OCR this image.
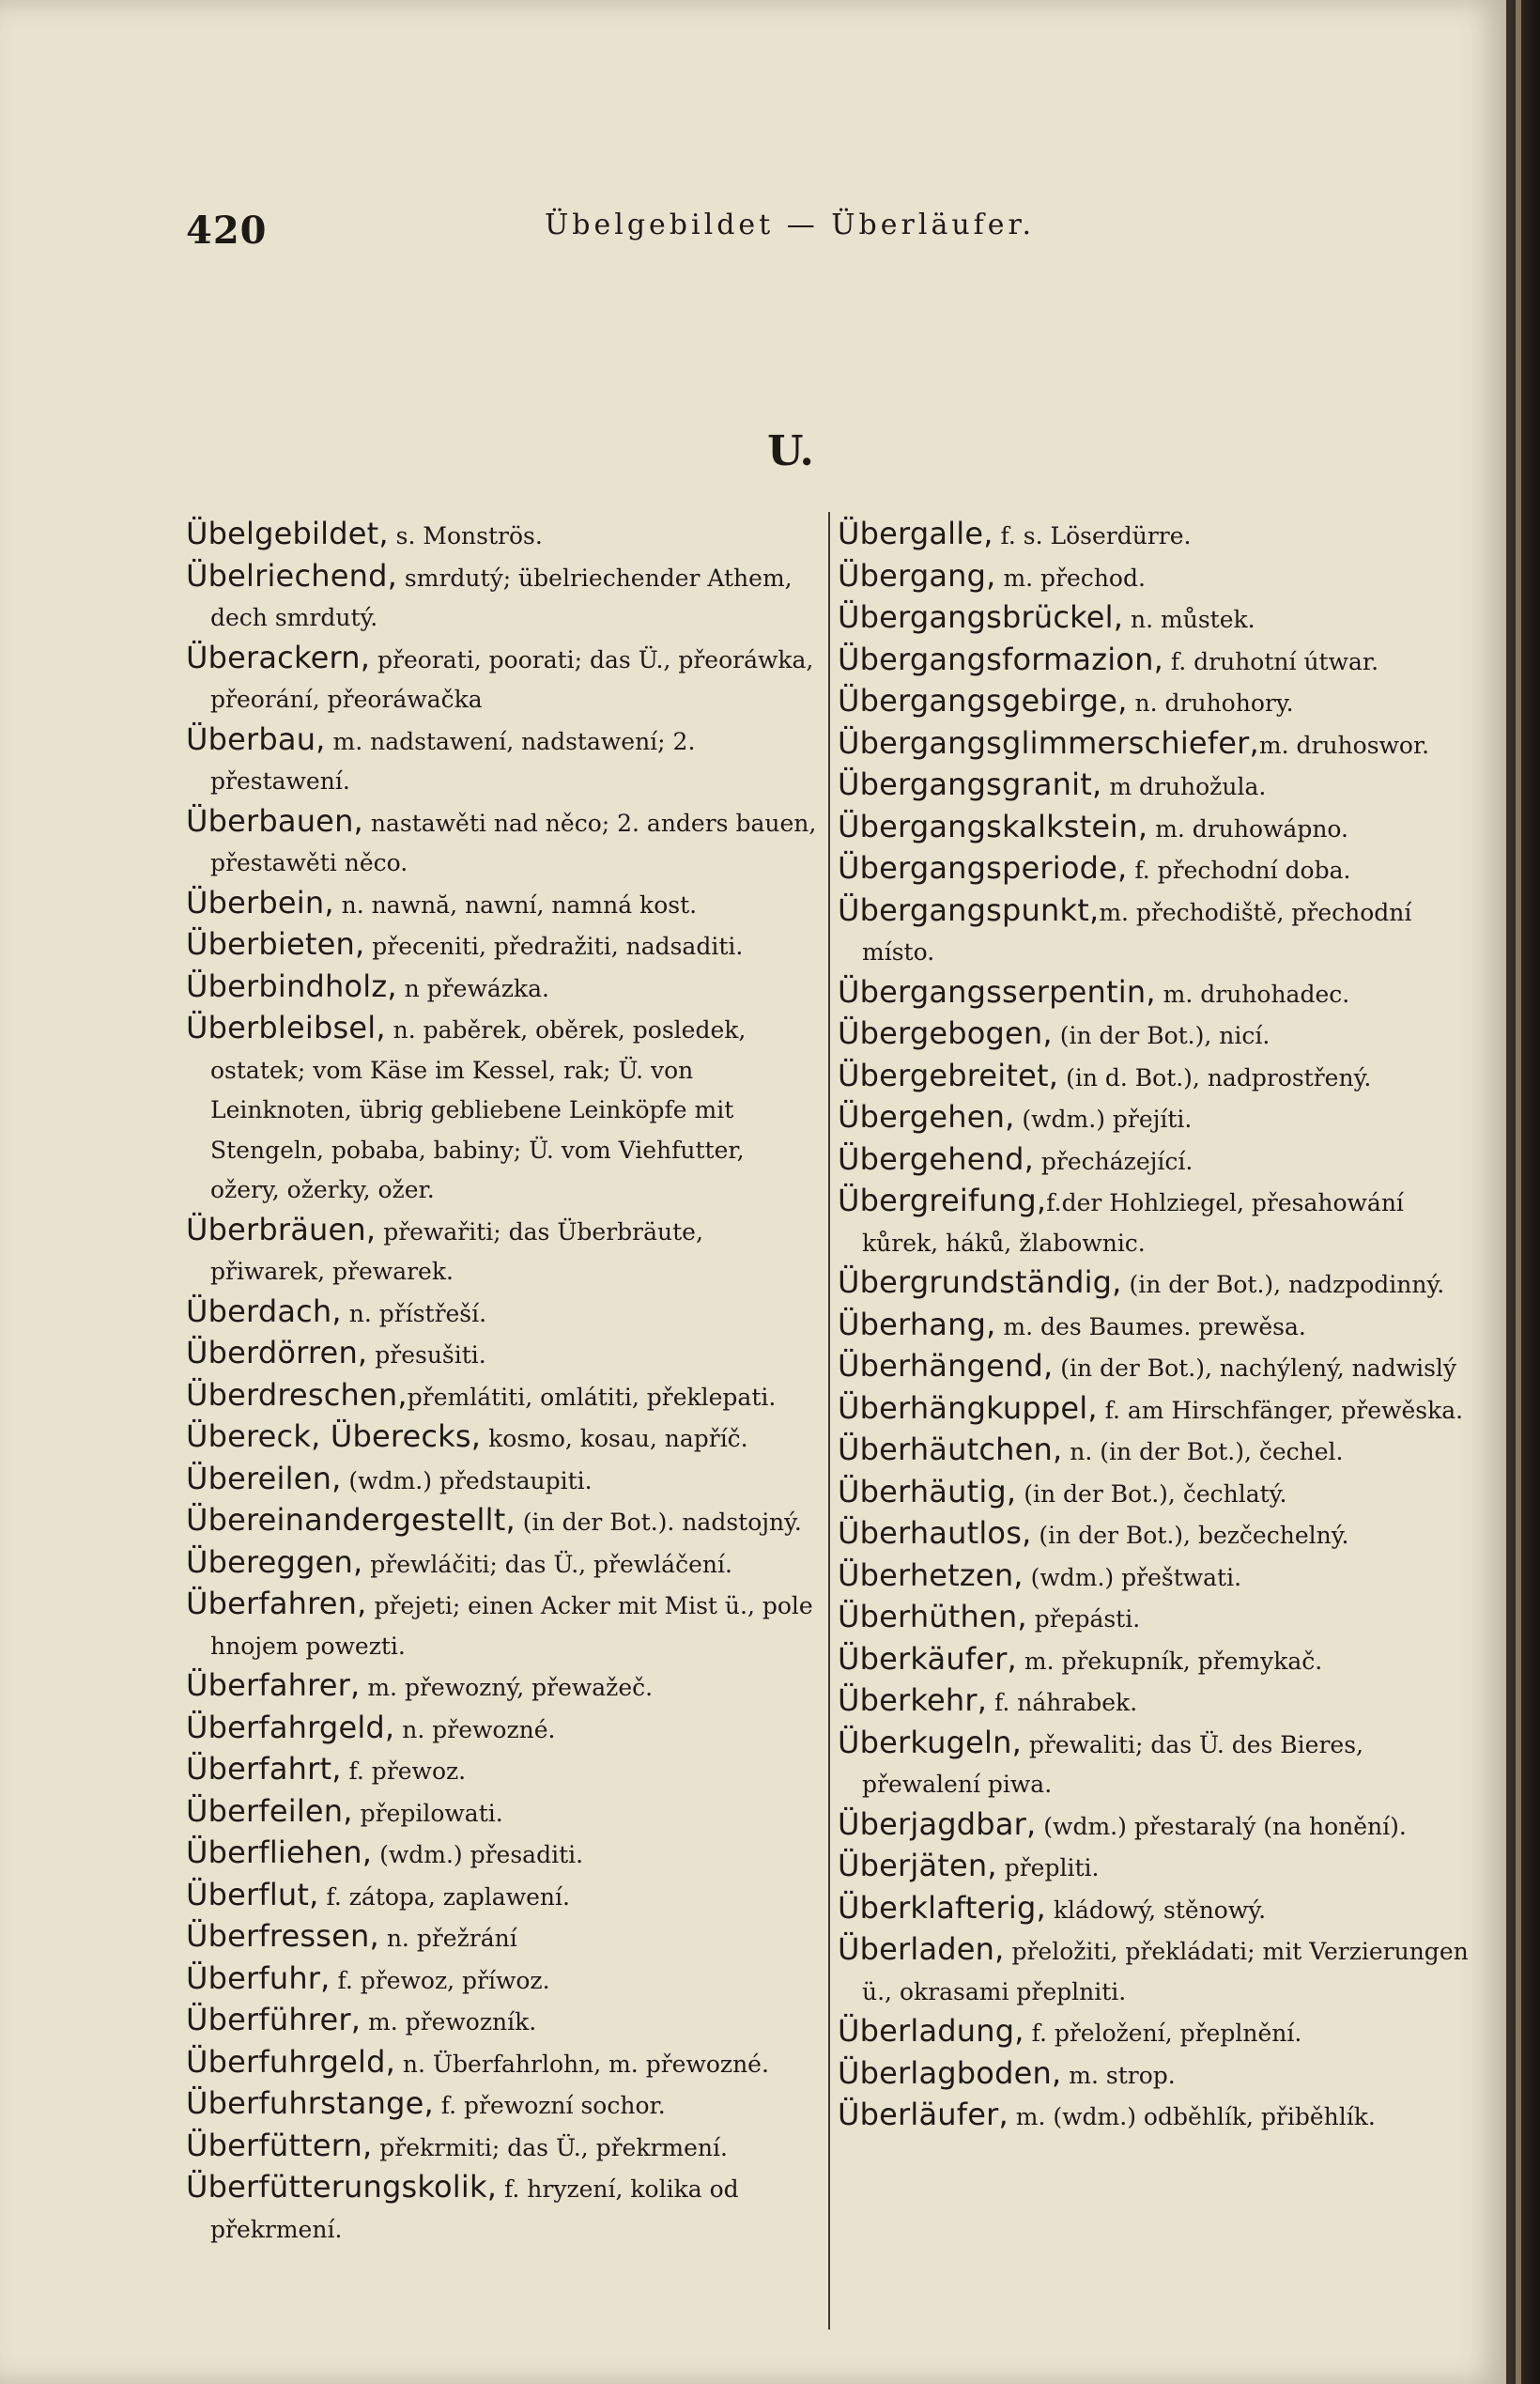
420	Übelgebildet — Überläufer.
U.

Übelgebildet, s. Monströs.

Übelriechend, smrdutý; übelriechender Athem, dech smrdutý.

Überackern, přeorati, poorati; das Ü., přeoráwka, přeorání, přeoráwačka

Überbau, m. nadstawení, nadstawení; 2. přestawení.

Überbauen, nastawěti nad něco; 2. anders bauen, přestawěti něco.

Überbein, n. nawnă, nawní, namná kost.

Überbieten, přeceniti, předražiti, nadsaditi.

Überbindholz, n přewázka.

Überbleibsel, n. paběrek, oběrek, posledek, ostatek; vom Käse im Kessel, rak; Ü. von Leinknoten, übrig gebliebene Leinköpfe mit Stengeln, pobaba, babiny; Ü. vom Viehfutter, ožery, ožerky, ožer.

Überbräuen, přewařiti; das Überbräute, přiwarek, přewarek.

Überdach, n. přístřeší.

Überdörren, přesušiti.

Überdreschen,přemlátiti, omlátiti, překlepati.

Übereck, Überecks, kosmo, kosau, napříč.

Übereilen, (wdm.) předstaupiti.

Übereinandergestellt, (in der Bot.). nadstojný.

Übereggen, přewláčiti; das Ü., přewláčení.

Überfahren, přejeti; einen Acker mit Mist ü., pole hnojem powezti.

Überfahrer, m. přewozný, přewažeč.

Überfahrgeld, n. přewozné.

Überfahrt, f. přewoz.

Überfeilen, přepilowati.

Überfliehen, (wdm.) přesaditi.

Überflut, f. zátopa, zaplawení.

Überfressen, n. přežrání

Überfuhr, f. přewoz, příwoz.

Überführer, m. přewozník.

Überfuhrgeld, n. Überfahrlohn, m. přewozné.

Überfuhrstange, f. přewozní sochor.

Überfüttern, překrmiti; das Ü., překrmení.

Überfütterungskolik, f. hryzení, kolika od překrmení.

Übergalle, f. s. Löserdürre.

Übergang, m. přechod.

Übergangsbrückel, n. můstek.

Übergangsformazion, f. druhotní útwar.

Übergangsgebirge, n. druhohory.

Übergangsglimmerschiefer,m. druhoswor.

Übergangsgranit, m druhožula.

Übergangskalkstein, m. druhowápno.

Übergangsperiode, f. přechodní doba.

Übergangspunkt,m. přechodiště, přechodní místo.

Übergangsserpentin, m. druhohadec.

Übergebogen, (in der Bot.), nicí.

Übergebreitet, (in d. Bot.), nadprostřený.

Übergehen, (wdm.) přejíti.

Übergehend, přecházející.

Übergreifung,f.der Hohlziegel, přesahowání kůrek, háků, žlabownic.

Übergrundständig, (in der Bot.), nadzpodinný.

Überhang, m. des Baumes. prewěsa.

Überhängend, (in der Bot.), nachýlený, nadwislý

Überhängkuppel, f. am Hirschfänger, přewěska.

Überhäutchen, n. (in der Bot.), čechel.

Überhäutig, (in der Bot.), čechlatý.

Überhautlos, (in der Bot.), bezčechelný.

Überhetzen, (wdm.) přeštwati.

Überhüthen, přepásti.

Überkäufer, m. překupník, přemykač.

Überkehr, f. náhrabek.

Überkugeln, přewaliti; das Ü. des Bieres, přewalení piwa.

Überjagdbar, (wdm.) přestaralý (na honění).

Überjäten, přepliti.

Überklafterig, kládowý, stěnowý.

Überladen, přeložiti, překládati; mit Verzierungen ü., okrasami přeplniti.

Überladung, f. přeložení, přeplnění.

Überlagboden, m. strop.

Überläufer, m. (wdm.) odběhlík, přiběhlík.
